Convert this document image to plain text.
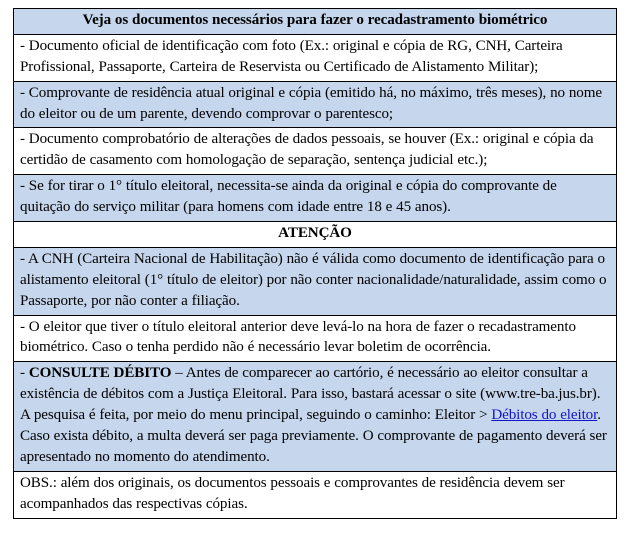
Veja os documentos necessários para fazer o recadastramento biométrico

- Documento oficial de identificação com foto (Ex.: original e cópia de RG, CNH, Carteira Profissional, Passaporte, Carteira de Reservista ou Certificado de Alistamento Militar);

- Comprovante de residência atual original e cópia (emitido há, no máximo, três meses), no nome do eleitor ou de um parente, devendo comprovar o parentesco;

- Documento comprobatório de alterações de dados pessoais, se houver (Ex.: original e cópia da certidão de casamento com homologação de separação, sentença judicial etc.);

- Se for tirar o 1° título eleitoral, necessita-se ainda da original e cópia do comprovante de quitação do serviço militar (para homens com idade entre 18 e 45 anos).

ATENÇÃO

- A CNH (Carteira Nacional de Habilitação) não é válida como documento de identificação para o alistamento eleitoral (1° título de eleitor) por não conter nacionalidade/naturalidade, assim como o Passaporte, por não conter a filiação.

- O eleitor que tiver o título eleitoral anterior deve levá-lo na hora de fazer o recadastramento biométrico. Caso o tenha perdido não é necessário levar boletim de ocorrência.

- CONSULTE DÉBITO – Antes de comparecer ao cartório, é necessário ao eleitor consultar a existência de débitos com a Justiça Eleitoral. Para isso, bastará acessar o site (www.tre-ba.jus.br). A pesquisa é feita, por meio do menu principal, seguindo o caminho: Eleitor > Débitos do eleitor. Caso exista débito, a multa deverá ser paga previamente. O comprovante de pagamento deverá ser apresentado no momento do atendimento.

OBS.: além dos originais, os documentos pessoais e comprovantes de residência devem ser acompanhados das respectivas cópias.
